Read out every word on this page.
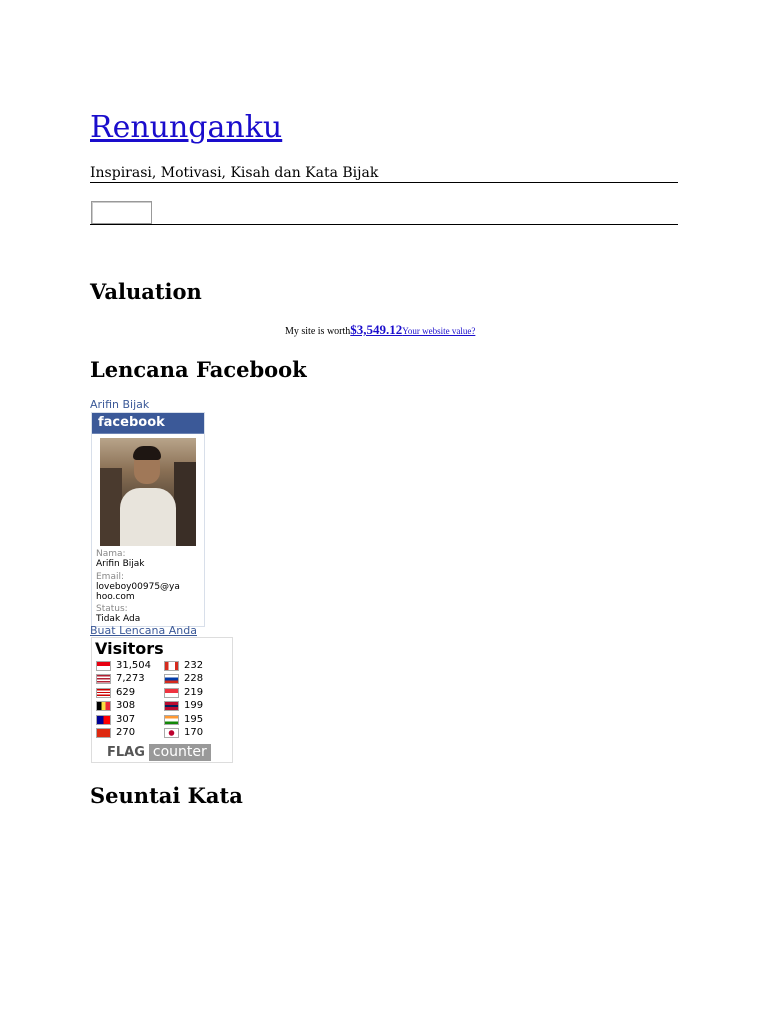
Renunganku
Inspirasi, Motivasi, Kisah dan Kata Bijak
Valuation
My site is worth$3,549.12Your website value?
Lencana Facebook
Arifin Bijak
facebook
Nama:
Arifin Bijak
Email:
loveboy00975@ya hoo.com
Status:
Tidak Ada
Buat Lencana Anda
Visitors
31,504
7,273
629
308
307
270
232
228
219
199
195
170
FLAG counter
Seuntai Kata
